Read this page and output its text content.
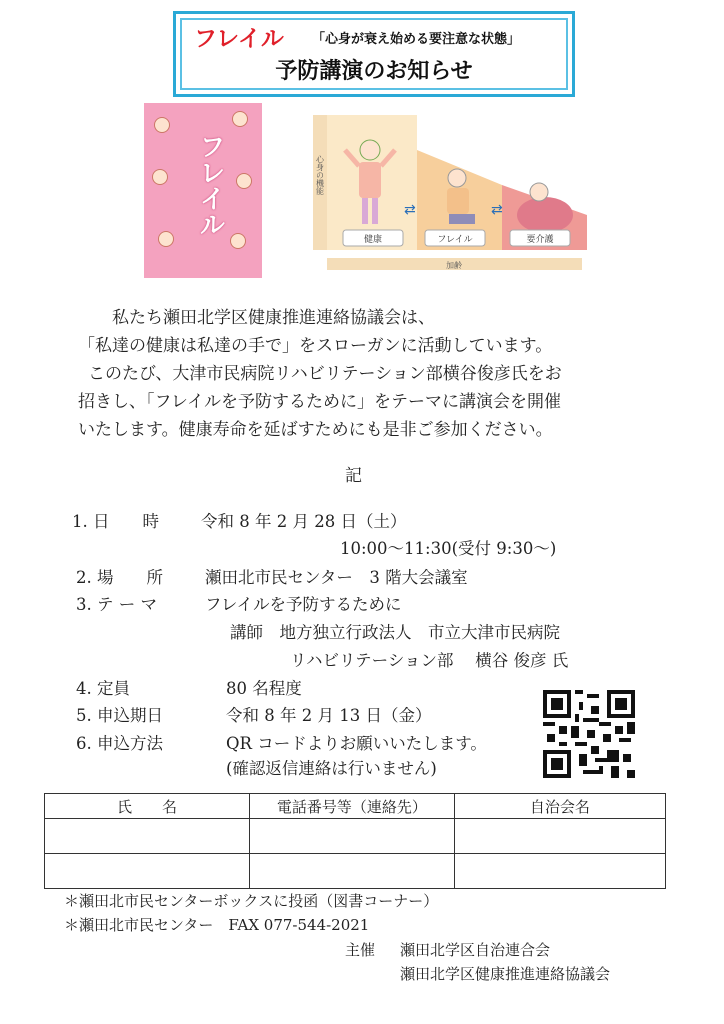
フレイル 「心身が衰え始める要注意な状態」
予防講演のお知らせ
フレイル	⇄	⇄
健康	フレイル	要介護
加齢
心身の機能
私たち瀬田北学区健康推進連絡協議会は、
「私達の健康は私達の手で」をスローガンに活動しています。
このたび、大津市民病院リハビリテーション部横谷俊彦氏をお
招きし、「フレイルを予防するために」をテーマに講演会を開催
いたします。健康寿命を延ばすためにも是非ご参加ください。
記
1. 日　　時	令和 8 年 2 月 28 日（土）
10:00～11:30(受付 9:30～)
2. 場　　所	瀬田北市民センター　3 階大会議室
3. テ ー マ	フレイルを予防するために
講師　地方独立行政法人　市立大津市民病院
リハビリテーション部　 横谷 俊彦 氏
4. 定員	80 名程度
5. 申込期日	令和 8 年 2 月 13 日（金）
6. 申込方法	QR コードよりお願いいたします。
(確認返信連絡は行いません)
氏　　名	電話番号等（連絡先）	自治会名

＊瀬田北市民センターボックスに投函（図書コーナー）
＊瀬田北市民センター　FAX 077-544-2021
主催 瀬田北学区自治連合会
瀬田北学区健康推進連絡協議会
